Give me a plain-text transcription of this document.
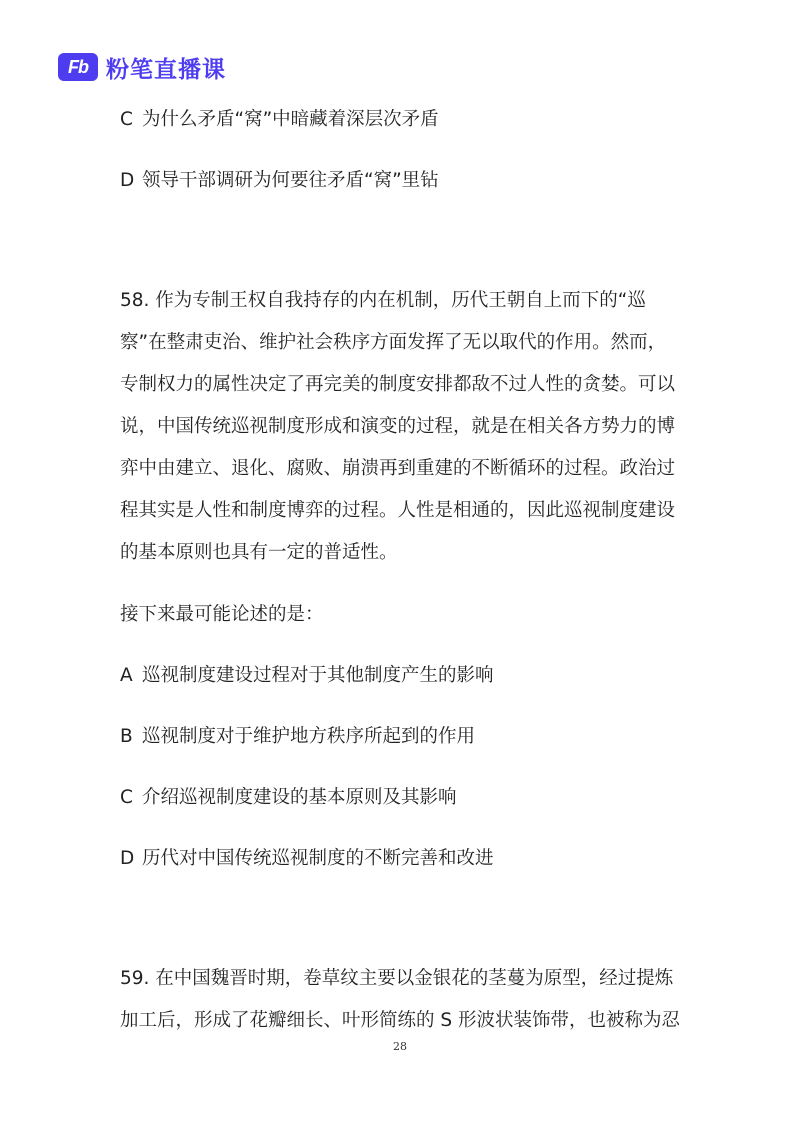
Fb 粉笔直播课

C 为什么矛盾“窝”中暗藏着深层次矛盾

D 领导干部调研为何要往矛盾“窝”里钻

58. 作为专制王权自我持存的内在机制，历代王朝自上而下的“巡

察”在整肃吏治、维护社会秩序方面发挥了无以取代的作用。然而，

专制权力的属性决定了再完美的制度安排都敌不过人性的贪婪。可以

说，中国传统巡视制度形成和演变的过程，就是在相关各方势力的博

弈中由建立、退化、腐败、崩溃再到重建的不断循环的过程。政治过

程其实是人性和制度博弈的过程。人性是相通的，因此巡视制度建设

的基本原则也具有一定的普适性。

接下来最可能论述的是：

A 巡视制度建设过程对于其他制度产生的影响

B 巡视制度对于维护地方秩序所起到的作用

C 介绍巡视制度建设的基本原则及其影响

D 历代对中国传统巡视制度的不断完善和改进

59. 在中国魏晋时期，卷草纹主要以金银花的茎蔓为原型，经过提炼

加工后，形成了花瓣细长、叶形简练的 S 形波状装饰带，也被称为忍

28
